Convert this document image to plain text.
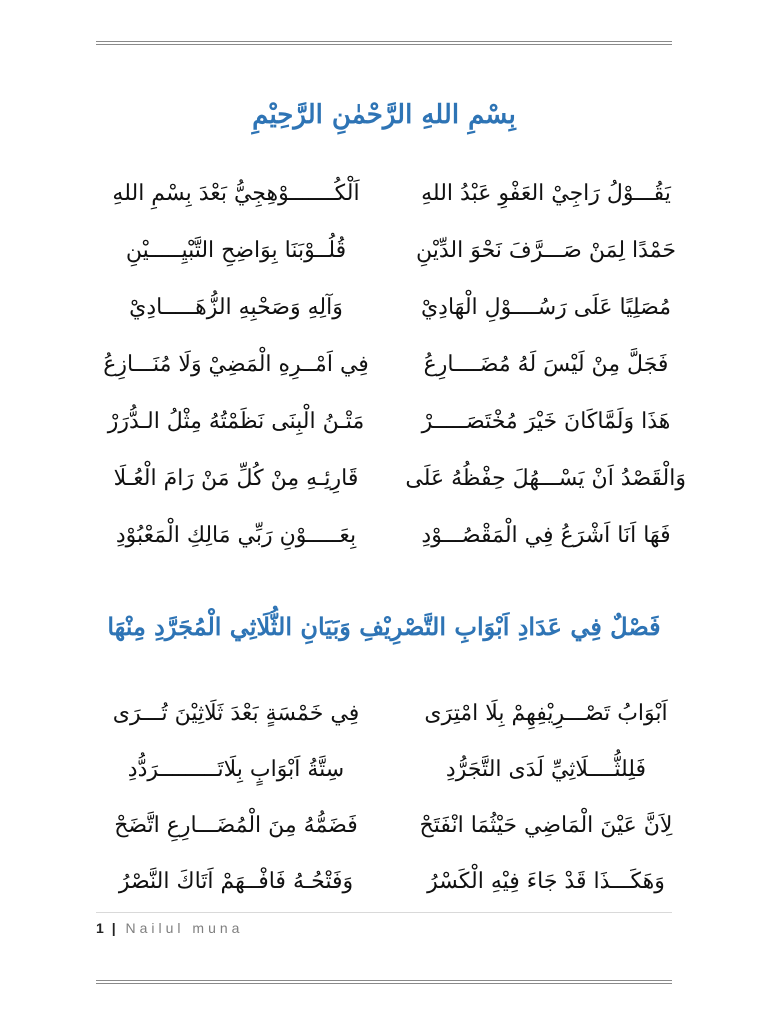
بِسْمِ اللهِ الرَّحْمٰنِ الرَّحِيْمِ
يَقُـــوْلُ رَاجِيْ العَفْوِ عَبْدُ اللهِ
اَلْكُـــــــوْهِجِيُّ بَعْدَ بِسْمِ اللهِ
حَمْدًا لِمَنْ صَـــرَّفَ نَحْوَ الدِّيْنِ
قُلُــوْبَنَا بِوَاضِحِ التَّبْيِـــــيْنِ
مُصَلِيًا عَلَى رَسُــــوْلِ الْهَادِيْ
وَآلِهِ وَصَحْبِهِ الزُّهَـــــادِيْ
فَجَلَّ مِنْ لَيْسَ لَهُ مُضَــــارِعُ
فِي اَمْــرِهِ الْمَضِيْ وَلَا مُنَـــازِعُ
هَذَا وَلَمَّاكَانَ خَيْرَ مُخْتَصَـــــرْ
مَتْـنُ الْبِنَى نَظَمْتُهُ مِثْلُ الـدُّرَرْ
وَالْقَصْدُ اَنْ يَسْـــهُلَ حِفْظُهُ عَلَى
قَارِئِـهِ مِنْ كُلِّ مَنْ رَامَ الْعُـلَا
فَهَا اَنَا اَشْرَعُ فِي الْمَقْصُـــوْدِ
بِعَـــــوْنِ رَبِّي مَالِكِ الْمَعْبُوْدِ
فَصْلٌ فِي عَدَادِ اَبْوَابِ التَّصْرِيْفِ وَبَيَانِ الثُّلَاثِي الْمُجَرَّدِ مِنْهَا
اَبْوَابُ تَصْـــرِيْفِهِمْ بِلَا امْتِرَى
فِي خَمْسَةٍ بَعْدَ ثَلَاثِيْنَ تُـــرَى
فَلِلثُّــــلَاثِيِّ لَدَى التَّجَرُّدِ
سِتَّةُ اَبْوَابٍ بِلَاتَـــــــــرَدُّدِ
لِاَنَّ عَيْنَ الْمَاضِي حَيْثُمَا انْفَتَحْ
فَضَمُّهُ مِنَ الْمُضَـــارِعِ اتَّضَحْ
وَهَكَـــذَا قَدْ جَاءَ فِيْهِ الْكَسْرُ
وَفَتْحُـهُ فَافْــهَمْ اَتَاكَ النَّصْرُ
1 | Nailul muna
